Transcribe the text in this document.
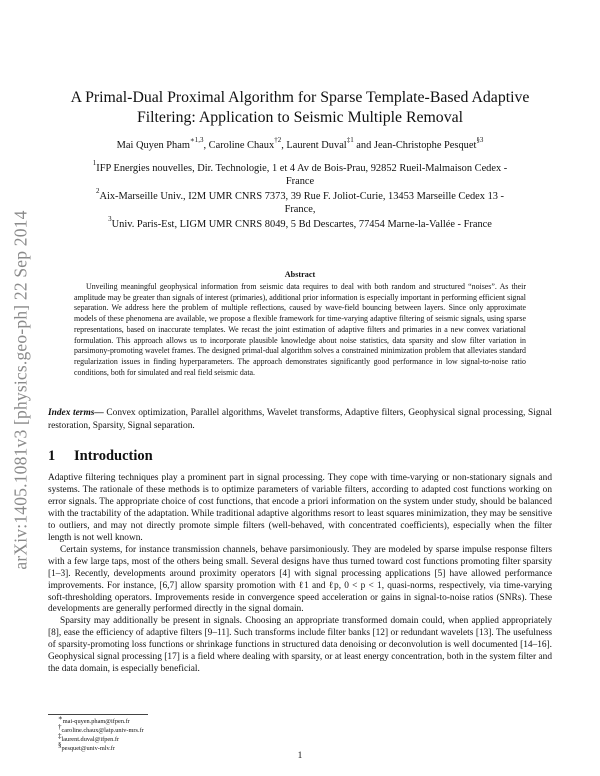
arXiv:1405.1081v3 [physics.geo-ph] 22 Sep 2014
A Primal-Dual Proximal Algorithm for Sparse Template-Based Adaptive
Filtering: Application to Seismic Multiple Removal
Mai Quyen Pham$^{∗1,3}$, Caroline Chaux$^{\dagger 2}$, Laurent Duval$^{\ddagger 1}$ and Jean-Christophe Pesquet$^{\S 3}$
$^1$IFP Energies nouvelles, Dir. Technologie, 1 et 4 Av de Bois-Prau, 92852 Rueil-Malmaison Cedex -
France
$^2$Aix-Marseille Univ., I2M UMR CNRS 7373, 39 Rue F. Joliot-Curie, 13453 Marseille Cedex 13 -
France,
$^3$Univ. Paris-Est, LIGM UMR CNRS 8049, 5 Bd Descartes, 77454 Marne-la-Vallée - France
Abstract
Unveiling meaningful geophysical information from seismic data requires to deal with both random and structured “noises”. As their amplitude may be greater than signals of interest (primaries), additional prior information is especially important in performing efficient signal separation. We address here the problem of multiple reflections, caused by wave-field bouncing between layers. Since only approximate models of these phenomena are available, we propose a flexible framework for time-varying adaptive filtering of seismic signals, using sparse representations, based on inaccurate templates. We recast the joint estimation of adaptive filters and primaries in a new convex variational formulation. This approach allows us to incorporate plausible knowledge about noise statistics, data sparsity and slow filter variation in parsimony-promoting wavelet frames. The designed primal-dual algorithm solves a constrained minimization problem that alleviates standard regularization issues in finding hyperparameters. The approach demonstrates significantly good performance in low signal-to-noise ratio conditions, both for simulated and real field seismic data.
Index terms— Convex optimization, Parallel algorithms, Wavelet transforms, Adaptive filters, Geophysical signal processing, Signal restoration, Sparsity, Signal separation.
1 Introduction

Adaptive filtering techniques play a prominent part in signal processing. They cope with time-varying or non-stationary signals and systems. The rationale of these methods is to optimize parameters of variable filters, according to adapted cost functions working on error signals. The appropriate choice of cost functions, that encode a priori information on the system under study, should be balanced with the tractability of the adaptation. While traditional adaptive algorithms resort to least squares minimization, they may be sensitive to outliers, and may not directly promote simple filters (well-behaved, with concentrated coefficients), especially when the filter length is not well known.

Certain systems, for instance transmission channels, behave parsimoniously. They are modeled by sparse impulse response filters with a few large taps, most of the others being small. Several designs have thus turned toward cost functions promoting filter sparsity [1–3]. Recently, developments around proximity operators [4] with signal processing applications [5] have allowed performance improvements. For instance, [6,7] allow sparsity promotion with ℓ1 and ℓp, 0 < p < 1, quasi-norms, respectively, via time-varying soft-thresholding operators. Improvements reside in convergence speed acceleration or gains in signal-to-noise ratios (SNRs). These developments are generally performed directly in the signal domain.

Sparsity may additionally be present in signals. Choosing an appropriate transformed domain could, when applied appropriately [8], ease the efficiency of adaptive filters [9–11]. Such transforms include filter banks [12] or redundant wavelets [13]. The usefulness of sparsity-promoting loss functions or shrinkage functions in structured data denoising or deconvolution is well documented [14–16]. Geophysical signal processing [17] is a field where dealing with sparsity, or at least energy concentration, both in the system filter and the data domain, is especially beneficial.

∗mai-quyen.pham@ifpen.fr
†caroline.chaux@latp.univ-mrs.fr
‡laurent.duval@ifpen.fr
§pesquet@univ-mlv.fr
1
